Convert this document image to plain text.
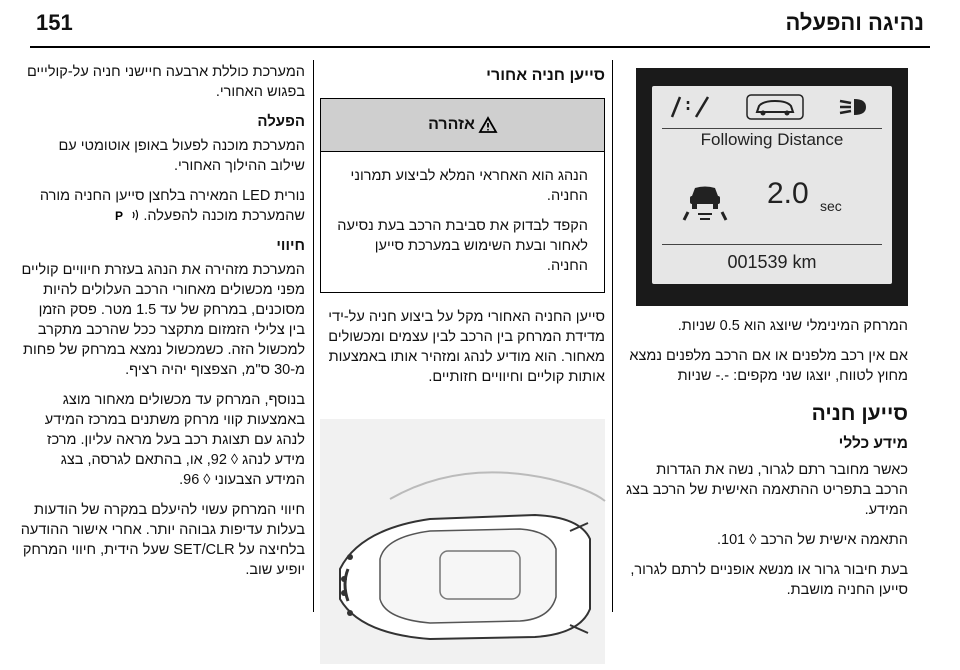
151	נהיגה והפעלה
Following Distance
2.0 sec
001539 km

המרחק המינימלי שיוצג הוא 0.5 שניות.

אם אין רכב מלפנים או אם הרכב מלפנים נמצא מחוץ לטווח, יוצגו שני מקפים: -.- שניות

סייען חניה
מידע כללי

כאשר מחובר רתם לגרור, נשה את הגדרות הרכב בתפריט ההתאמה האישית של הרכב בצג המידע.

התאמה אישית של הרכב ◊ 101.

בעת חיבור גרור או מנשא אופניים לרתם לגרור, סייען החניה מושבת.

סייען חניה אחורי
אזהרה

הנהג הוא האחראי המלא לביצוע תמרוני החניה.

הקפד לבדוק את סביבת הרכב בעת נסיעה לאחור ובעת השימוש במערכת סייען החניה.

סייען החניה האחורי מקל על ביצוע חניה על-ידי מדידת המרחק בין הרכב לבין עצמים ומכשולים מאחור. הוא מודיע לנהג ומזהיר אותו באמצעות אותות קוליים וחיוויים חזותיים.

המערכת כוללת ארבעה חיישני חניה על-קולייים בפגוש האחורי.

הפעלה

המערכת מוכנה לפעול באופן אוטומטי עם שילוב ההילוך האחורי.

נורית LED המאירה בלחצן סייען החניה מורה שהמערכת מוכנה להפעלה.
P

חיווי

המערכת מזהירה את הנהג בעזרת חיוויים קוליים מפני מכשולים מאחורי הרכב העלולים להיות מסוכנים, במרחק של עד 1.5 מטר. פסק הזמן בין צלילי הזמזום מתקצר ככל שהרכב מתקרב למכשול הזה. כשמכשול נמצא במרחק של פחות מ-30 ס"מ, הצפצוף יהיה רציף.

בנוסף, המרחק עד מכשולים מאחור מוצג באמצעות קווי מרחק משתנים במרכז המידע לנהג עם תצוגת רכב בעל מראה עליון. מרכז מידע לנהג ◊ 92, או, בהתאם לגרסה, בצג המידע הצבעוני ◊ 96.

חיווי המרחק עשוי להיעלם במקרה של הודעות בעלות עדיפות גבוהה יותר. אחרי אישור ההודעה בלחיצה על SET/CLR שעל הידית, חיווי המרחק יופיע שוב.
